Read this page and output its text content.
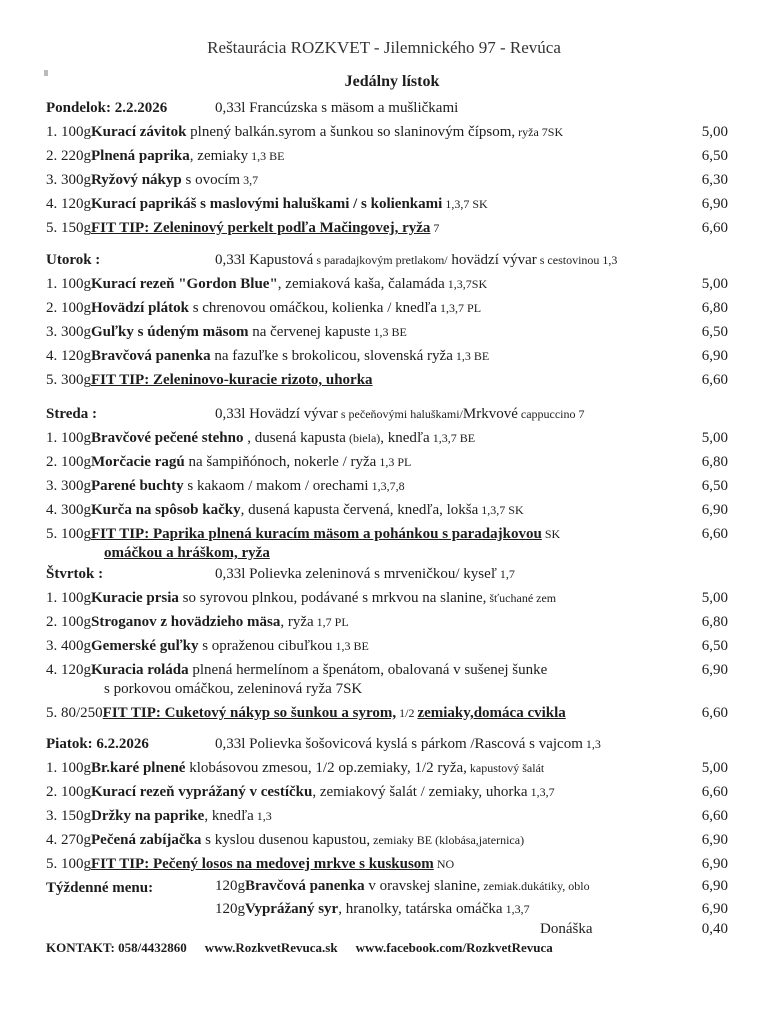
Reštaurácia ROZKVET - Jilemnického 97 - Revúca
Jedálny lístok
Pondelok: 2.2.2026	0,33l Francúzska s mäsom a mušličkami
1. 100gKurací závitok plnený balkán.syrom a šunkou so slaninovým čípsom, ryža 7SK	5,00
2. 220gPlnená paprika, zemiaky 1,3 BE	6,50
3. 300gRyžový nákyp s ovocím 3,7	6,30
4. 120gKurací paprikáš s maslovými haluškami / s kolienkami 1,3,7 SK	6,90
5. 150gFIT TIP: Zeleninový perkelt podľa Mačingovej, ryža 7	6,60
Utorok :	0,33l Kapustová s paradajkovým pretlakom/ hovädzí vývar s cestovinou 1,3
1. 100gKurací rezeň "Gordon Blue", zemiaková kaša, čalamáda 1,3,7SK	5,00
2. 100gHovädzí plátok s chrenovou omáčkou, kolienka / knedľa 1,3,7 PL	6,80
3. 300gGuľky s údeným mäsom na červenej kapuste 1,3 BE	6,50
4. 120gBravčová panenka na fazuľke s brokolicou, slovenská ryža 1,3 BE	6,90
5. 300gFIT TIP: Zeleninovo-kuracie rizoto, uhorka	6,60
Streda :	0,33l Hovädzí vývar s pečeňovými haluškami/Mrkvové cappuccino 7
1. 100gBravčové pečené stehno , dusená kapusta (biela), knedľa 1,3,7 BE	5,00
2. 100gMorčacie ragú na šampiňónoch, nokerle / ryža 1,3 PL	6,80
3. 300gParené buchty s kakaom / makom / orechami 1,3,7,8	6,50
4. 300gKurča na spôsob kačky, dusená kapusta červená, knedľa, lokša 1,3,7 SK	6,90
5. 100gFIT TIP: Paprika plnená kuracím mäsom a pohánkou s paradajkovou SK	6,60
omáčkou a hráškom, ryža
Štvrtok :	0,33l Polievka zeleninová s mrveničkou/ kyseľ 1,7
1. 100gKuracie prsia so syrovou plnkou, podávané s mrkvou na slanine, šťuchané zem	5,00
2. 100gStroganov z hovädzieho mäsa, ryža 1,7 PL	6,80
3. 400gGemerské guľky s opraženou cibuľkou 1,3 BE	6,50
4. 120gKuracia roláda plnená hermelínom a špenátom, obalovaná v sušenej šunke	6,90
s porkovou omáčkou, zeleninová ryža 7SK
5. 80/250FIT TIP: Cuketový nákyp so šunkou a syrom, 1/2 zemiaky,domáca cvikla	6,60
Piatok: 6.2.2026	0,33l Polievka šošovicová kyslá s párkom /Rascová s vajcom 1,3
1. 100gBr.karé plnené klobásovou zmesou, 1/2 op.zemiaky, 1/2 ryža, kapustový šalát	5,00
2. 100gKurací rezeň vyprážaný v cestíčku, zemiakový šalát / zemiaky, uhorka 1,3,7	6,60
3. 150gDržky na paprike, knedľa 1,3	6,60
4. 270gPečená zabíjačka s kyslou dusenou kapustou, zemiaky BE (klobása,jaternica)	6,90
5. 100gFIT TIP: Pečený losos na medovej mrkve s kuskusom NO	6,90
Týždenné menu:	120gBravčová panenka v oravskej slanine, zemiak.dukátiky, oblo	6,90
120gVyprážaný syr, hranolky, tatárska omáčka 1,3,7	6,90
Donáška	0,40
KONTAKT: 058/4432860 www.RozkvetRevuca.sk www.facebook.com/RozkvetRevuca
